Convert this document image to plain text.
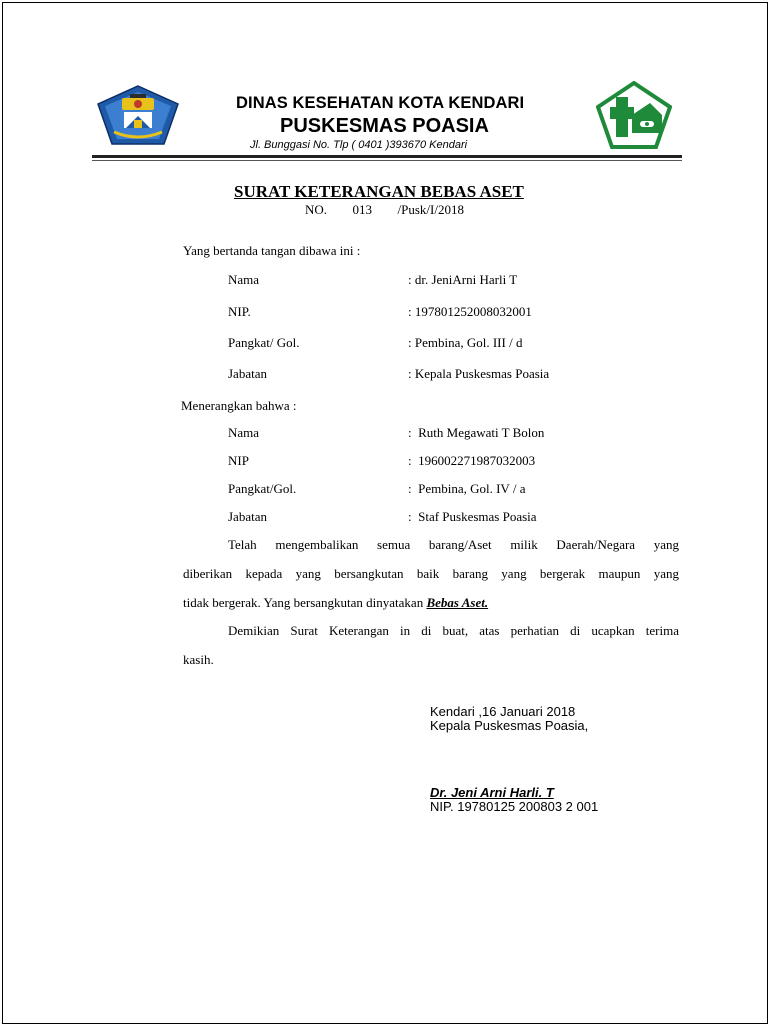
DINAS KESEHATAN KOTA KENDARI
PUSKESMAS POASIA
Jl. Bunggasi No. Tlp ( 0401 )393670 Kendari
SURAT KETERANGAN BEBAS ASET
NO.      013      /Pusk/I/2018
Yang bertanda tangan dibawa ini :
Nama	: dr. JeniArni Harli T
NIP.	: 197801252008032001
Pangkat/ Gol.	: Pembina, Gol. III / d
Jabatan	: Kepala Puskesmas Poasia
Menerangkan bahwa :
Nama	:  Ruth Megawati T Bolon
NIP	:  196002271987032003
Pangkat/Gol.	:  Pembina, Gol. IV / a
Jabatan	:  Staf Puskesmas Poasia
Telah mengembalikan semua barang/Aset milik Daerah/Negara yang
diberikan kepada yang bersangkutan baik barang yang bergerak maupun yang
tidak bergerak. Yang bersangkutan dinyatakan Bebas Aset.
Demikian Surat Keterangan in di buat, atas perhatian di ucapkan terima
kasih.
Kendari ,16 Januari 2018
Kepala Puskesmas Poasia,
Dr. Jeni Arni Harli. T
NIP. 19780125 200803 2 001
